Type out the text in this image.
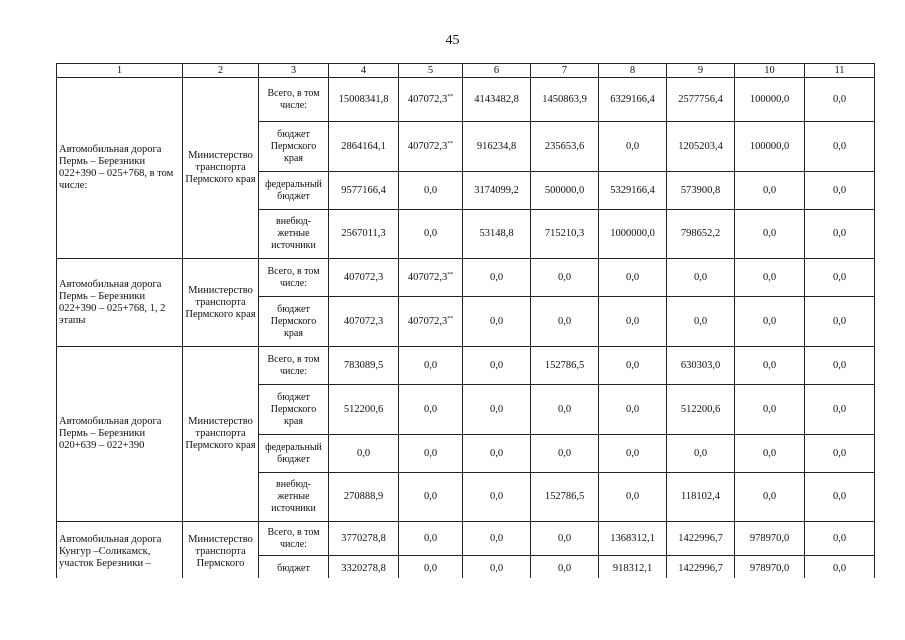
45
1	2	3	4	5	6	7	8	9	10	11
Автомобильная дорога Пермь – Березники 022+390 – 025+768, в том числе:	Министерство транспорта Пермского края	Всего, в том числе:	15008341,8	407072,3**	4143482,8	1450863,9	6329166,4	2577756,4	100000,0	0,0
		бюджет Пермского края	2864164,1	407072,3**	916234,8	235653,6	0,0	1205203,4	100000,0	0,0
		федеральный бюджет	9577166,4	0,0	3174099,2	500000,0	5329166,4	573900,8	0,0	0,0
		внебюд-жетные источники	2567011,3	0,0	53148,8	715210,3	1000000,0	798652,2	0,0	0,0
Автомобильная дорога Пермь – Березники 022+390 – 025+768, 1, 2 этапы	Министерство транспорта Пермского края	Всего, в том числе:	407072,3	407072,3**	0,0	0,0	0,0	0,0	0,0	0,0
		бюджет Пермского края	407072,3	407072,3**	0,0	0,0	0,0	0,0	0,0	0,0
Автомобильная дорога Пермь – Березники 020+639 – 022+390	Министерство транспорта Пермского края	Всего, в том числе:	783089,5	0,0	0,0	152786,5	0,0	630303,0	0,0	0,0
		бюджет Пермского края	512200,6	0,0	0,0	0,0	0,0	512200,6	0,0	0,0
		федеральный бюджет	0,0	0,0	0,0	0,0	0,0	0,0	0,0	0,0
		внебюд-жетные источники	270888,9	0,0	0,0	152786,5	0,0	118102,4	0,0	0,0
Автомобильная дорога Кунгур –Соликамск, участок Березники –	Министерство транспорта Пермского	Всего, в том числе:	3770278,8	0,0	0,0	0,0	1368312,1	1422996,7	978970,0	0,0
		бюджет	3320278,8	0,0	0,0	0,0	918312,1	1422996,7	978970,0	0,0
